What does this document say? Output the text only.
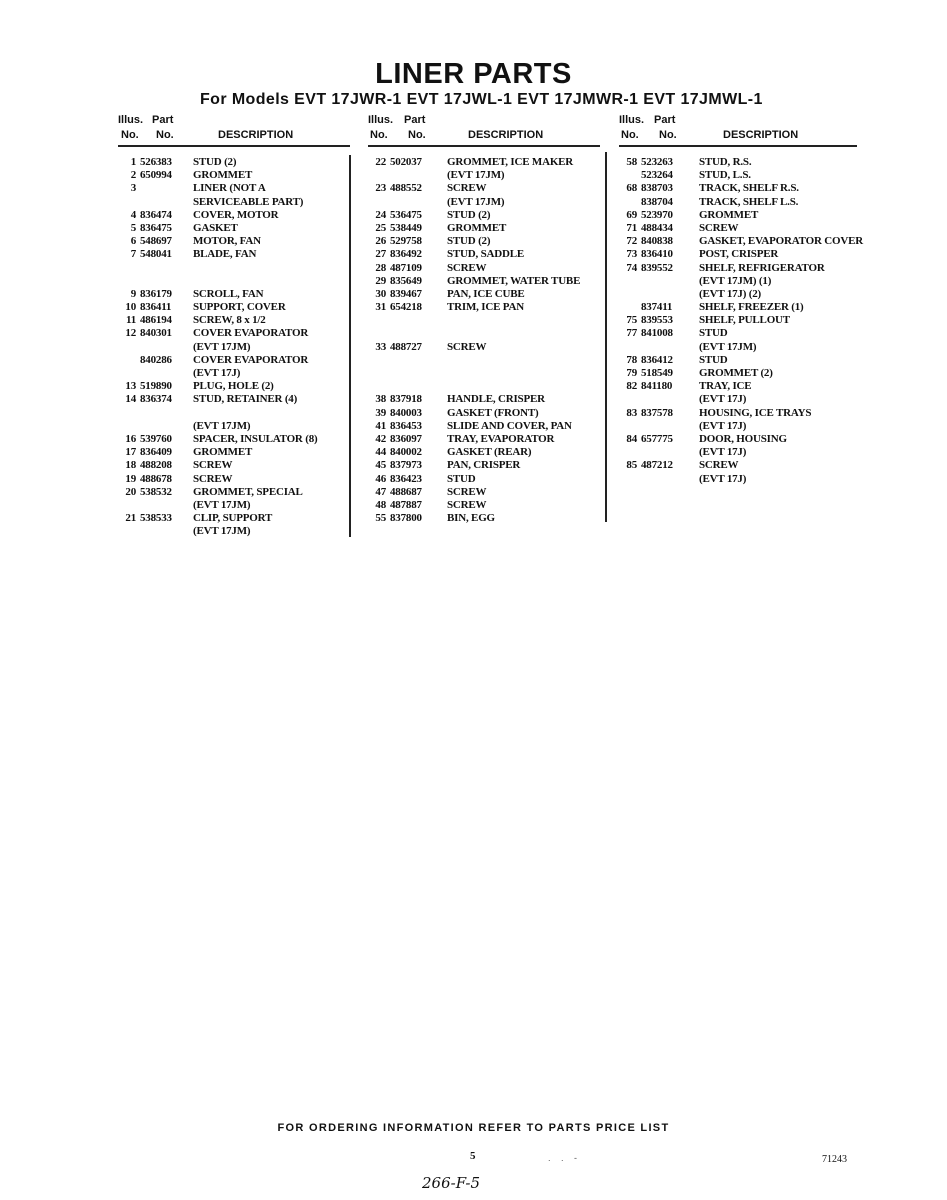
LINER PARTS
For Models EVT 17JWR-1 EVT 17JWL-1 EVT 17JMWR-1 EVT 17JMWL-1
Illus. Part
No. No.	DESCRIPTION
1 526383 STUD (2)
2 650994 GROMMET
3	LINER (NOT A
SERVICEABLE PART)
4 836474 COVER, MOTOR
5 836475 GASKET
6 548697 MOTOR, FAN
7 548041 BLADE, FAN
9 836179 SCROLL, FAN
10 836411 SUPPORT, COVER
11 486194 SCREW, 8 x 1/2
12 840301 COVER EVAPORATOR
(EVT 17JM)
840286 COVER EVAPORATOR
(EVT 17J)
13 519890 PLUG, HOLE (2)
14 836374 STUD, RETAINER (4)
(EVT 17JM)
16 539760 SPACER, INSULATOR (8)
17 836409 GROMMET
18 488208 SCREW
19 488678 SCREW
20 538532 GROMMET, SPECIAL
(EVT 17JM)
21 538533 CLIP, SUPPORT
(EVT 17JM)
Illus. Part
No. No.	DESCRIPTION
22 502037 GROMMET, ICE MAKER
(EVT 17JM)
23 488552 SCREW
(EVT 17JM)
24 536475 STUD (2)
25 538449 GROMMET
26 529758 STUD (2)
27 836492 STUD, SADDLE
28 487109 SCREW
29 835649 GROMMET, WATER TUBE
30 839467 PAN, ICE CUBE
31 654218 TRIM, ICE PAN
33 488727 SCREW
38 837918 HANDLE, CRISPER
39 840003 GASKET (FRONT)
41 836453 SLIDE AND COVER, PAN
42 836097 TRAY, EVAPORATOR
44 840002 GASKET (REAR)
45 837973 PAN, CRISPER
46 836423 STUD
47 488687 SCREW
48 487887 SCREW
55 837800 BIN, EGG
Illus. Part
No. No.	DESCRIPTION
58 523263 STUD, R.S.
523264 STUD, L.S.
68 838703 TRACK, SHELF R.S.
838704 TRACK, SHELF L.S.
69 523970 GROMMET
71 488434 SCREW
72 840838 GASKET, EVAPORATOR COVER
73 836410 POST, CRISPER
74 839552 SHELF, REFRIGERATOR
(EVT 17JM) (1)
(EVT 17J) (2)
837411 SHELF, FREEZER (1)
75 839553 SHELF, PULLOUT
77 841008 STUD
(EVT 17JM)
78 836412 STUD
79 518549 GROMMET (2)
82 841180 TRAY, ICE
(EVT 17J)
83 837578 HOUSING, ICE TRAYS
(EVT 17J)
84 657775 DOOR, HOUSING
(EVT 17J)
85 487212 SCREW
(EVT 17J)
FOR ORDERING INFORMATION REFER TO PARTS PRICE LIST
5	71243
266-F-5
. . -
